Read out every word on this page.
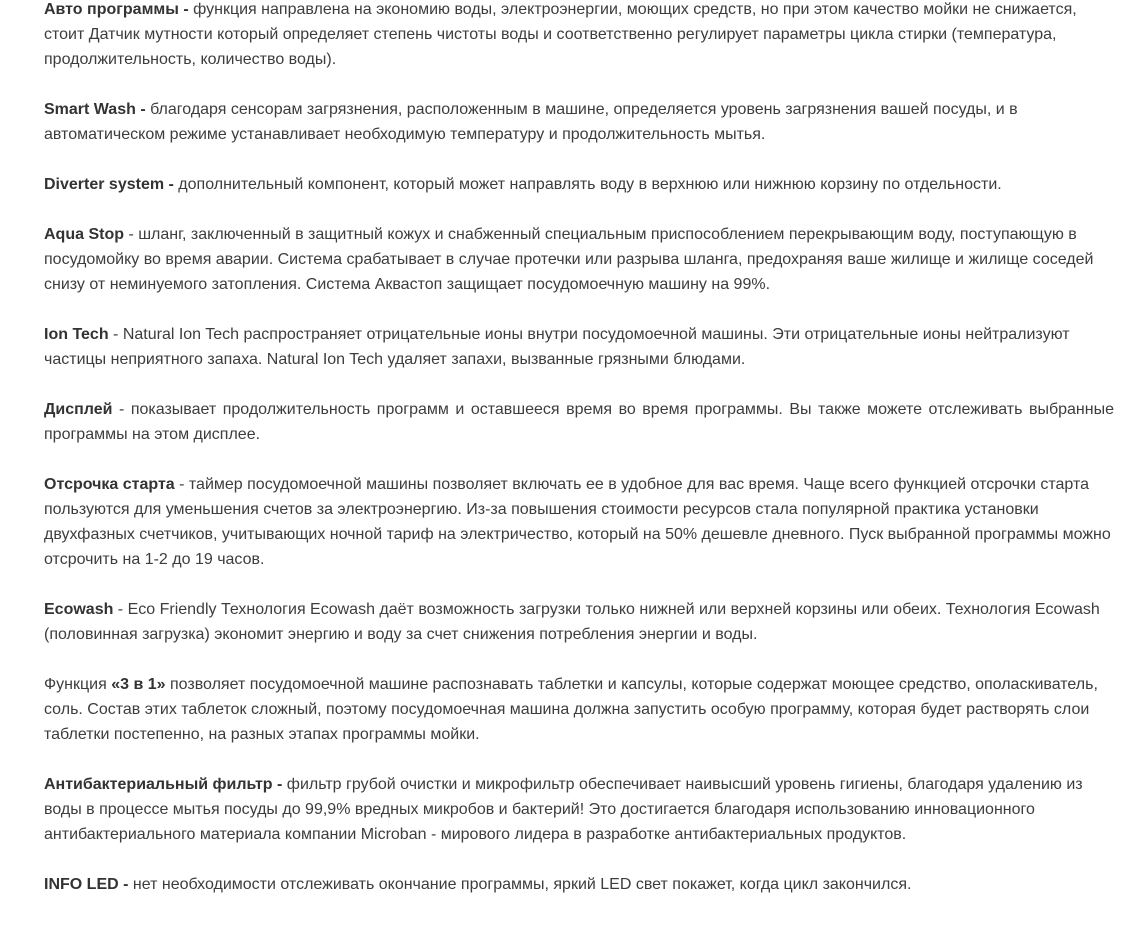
Авто программы - функция направлена на экономию воды, электроэнергии, моющих средств, но при этом качество мойки не снижается, стоит Датчик мутности который определяет степень чистоты воды и соответственно регулирует параметры цикла стирки (температура, продолжительность, количество воды).

Smart Wash - благодаря сенсорам загрязнения, расположенным в машине, определяется уровень загрязнения вашей посуды, и в автоматическом режиме устанавливает необходимую температуру и продолжительность мытья.

Diverter system - дополнительный компонент, который может направлять воду в верхнюю или нижнюю корзину по отдельности.

Aqua Stop - шланг, заключенный в защитный кожух и снабженный специальным приспособлением перекрывающим воду, поступающую в посудомойку во время аварии. Система срабатывает в случае протечки или разрыва шланга, предохраняя ваше жилище и жилище соседей снизу от неминуемого затопления. Система Аквастоп защищает посудомоечную машину на 99%.

Ion Tech - Natural Ion Tech распространяет отрицательные ионы внутри посудомоечной машины. Эти отрицательные ионы нейтрализуют частицы неприятного запаха. Natural Ion Tech удаляет запахи, вызванные грязными блюдами.

Дисплей - показывает продолжительность программ и оставшееся время во время программы. Вы также можете отслеживать выбранные программы на этом дисплее.

Отсрочка старта - таймер посудомоечной машины позволяет включать ее в удобное для вас время. Чаще всего функцией отсрочки старта пользуются для уменьшения счетов за электроэнергию. Из-за повышения стоимости ресурсов стала популярной практика установки двухфазных счетчиков, учитывающих ночной тариф на электричество, который на 50% дешевле дневного. Пуск выбранной программы можно отсрочить на 1-2 до 19 часов.

Ecowash - Eco Friendly Технология Ecowash даёт возможность загрузки только нижней или верхней корзины или обеих. Технология Ecowash (половинная загрузка) экономит энергию и воду за счет снижения потребления энергии и воды.

Функция «3 в 1» позволяет посудомоечной машине распознавать таблетки и капсулы, которые содержат моющее средство, ополаскиватель, соль. Состав этих таблеток сложный, поэтому посудомоечная машина должна запустить особую программу, которая будет растворять слои таблетки постепенно, на разных этапах программы мойки.

Антибактериальный фильтр - фильтр грубой очистки и микрофильтр обеспечивает наивысший уровень гигиены, благодаря удалению из воды в процессе мытья посуды до 99,9% вредных микробов и бактерий! Это достигается благодаря использованию инновационного антибактериального материала компании Microban - мирового лидера в разработке антибактериальных продуктов.

INFO LED - нет необходимости отслеживать окончание программы, яркий LED свет покажет, когда цикл закончился.
